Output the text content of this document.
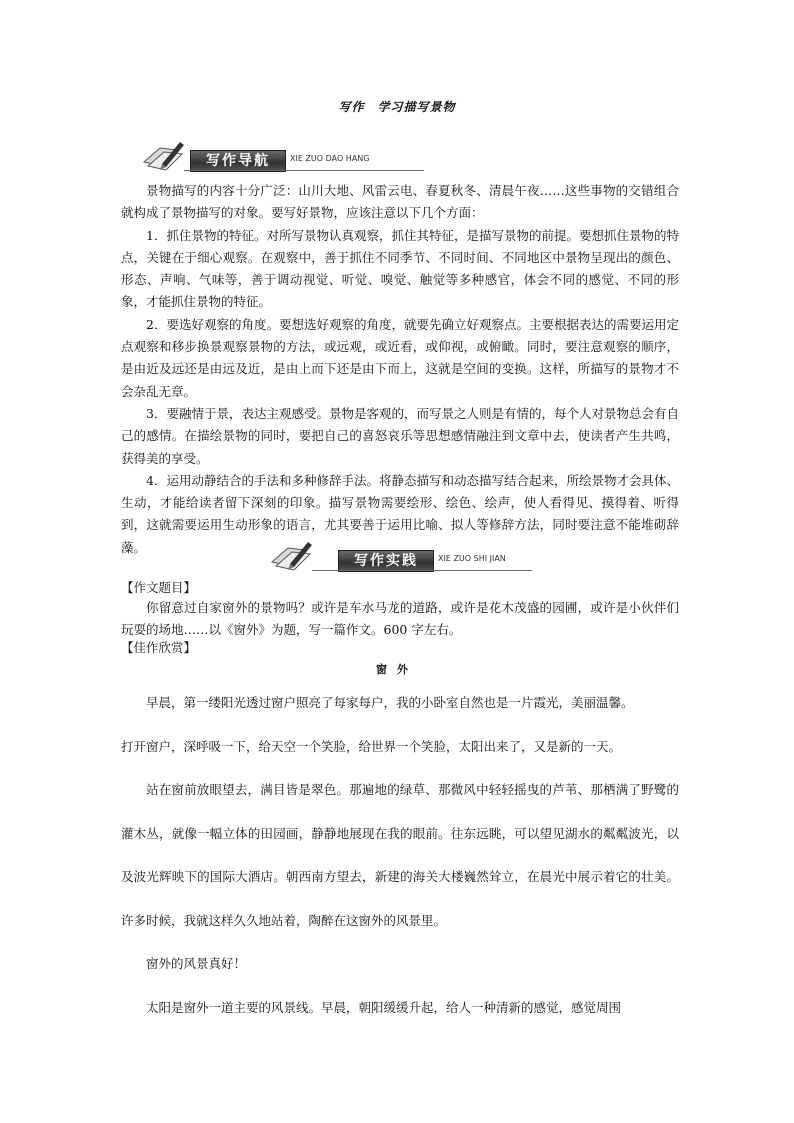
写作　学习描写景物
写作导航	XIE ZUO DAO HANG

景物描写的内容十分广泛：山川大地、风雷云电、春夏秋冬、清晨午夜……这些事物的交错组合就构成了景物描写的对象。要写好景物，应该注意以下几个方面：

1．抓住景物的特征。对所写景物认真观察，抓住其特征，是描写景物的前提。要想抓住景物的特点，关键在于细心观察。在观察中，善于抓住不同季节、不同时间、不同地区中景物呈现出的颜色、形态、声响、气味等，善于调动视觉、听觉、嗅觉、触觉等多种感官，体会不同的感觉、不同的形象，才能抓住景物的特征。

2．要选好观察的角度。要想选好观察的角度，就要先确立好观察点。主要根据表达的需要运用定点观察和移步换景观察景物的方法，或远观，或近看，或仰视，或俯瞰。同时，要注意观察的顺序，是由近及远还是由远及近，是由上而下还是由下而上，这就是空间的变换。这样，所描写的景物才不会杂乱无章。

3．要融情于景，表达主观感受。景物是客观的，而写景之人则是有情的，每个人对景物总会有自己的感情。在描绘景物的同时，要把自己的喜怒哀乐等思想感情融注到文章中去，使读者产生共鸣，获得美的享受。

4．运用动静结合的手法和多种修辞手法。将静态描写和动态描写结合起来，所绘景物才会具体、生动，才能给读者留下深刻的印象。描写景物需要绘形、绘色、绘声，使人看得见、摸得着、听得到，这就需要运用生动形象的语言，尤其要善于运用比喻、拟人等修辞方法，同时要注意不能堆砌辞藻。

写作实践	XIE ZUO SHI JIAN
【作文题目】

你留意过自家窗外的景物吗？或许是车水马龙的道路，或许是花木茂盛的园圃，或许是小伙伴们玩耍的场地……以《窗外》为题，写一篇作文。600 字左右。

【佳作欣赏】
窗外

早晨，第一缕阳光透过窗户照亮了每家每户，我的小卧室自然也是一片霞光，美丽温馨。

打开窗户，深呼吸一下，给天空一个笑脸，给世界一个笑脸，太阳出来了，又是新的一天。

站在窗前放眼望去，满目皆是翠色。那遍地的绿草、那微风中轻轻摇曳的芦苇、那栖满了野鹭的灌木丛，就像一幅立体的田园画，静静地展现在我的眼前。往东远眺，可以望见湖水的粼粼波光，以及波光辉映下的国际大酒店。朝西南方望去，新建的海关大楼巍然耸立，在晨光中展示着它的壮美。许多时候，我就这样久久地站着，陶醉在这窗外的风景里。

窗外的风景真好！

太阳是窗外一道主要的风景线。早晨，朝阳缓缓升起，给人一种清新的感觉，感觉周围
